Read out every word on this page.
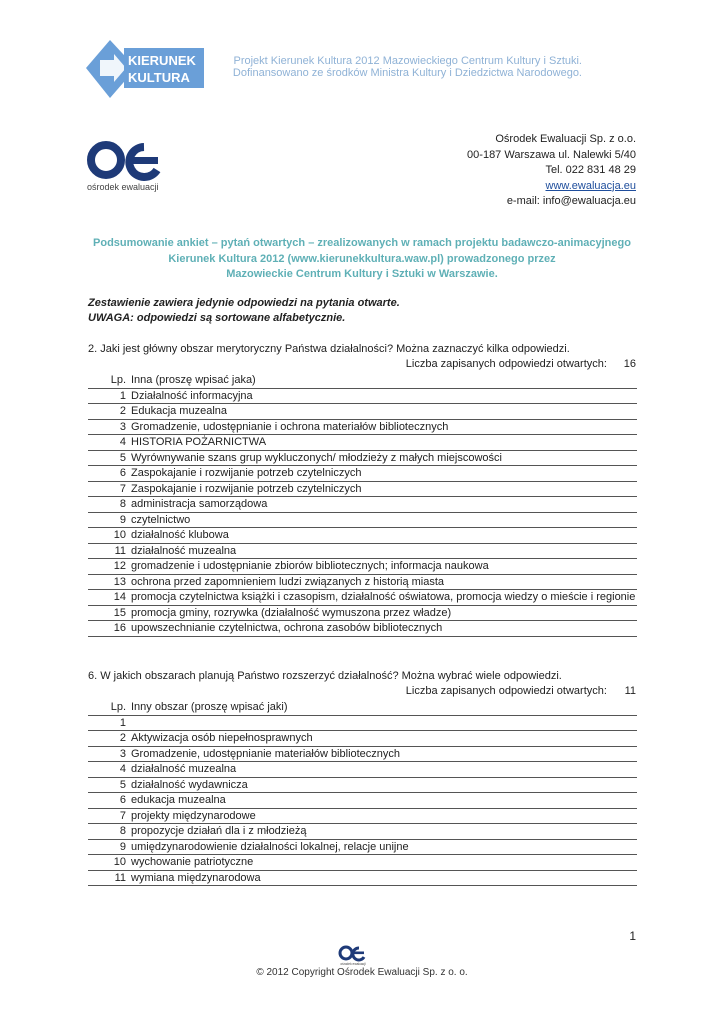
KIERUNEK
KULTURA
Projekt Kierunek Kultura 2012 Mazowieckiego Centrum Kultury i Sztuki.
Dofinansowano ze środków Ministra Kultury i Dziedzictwa Narodowego.
ośrodek ewaluacji
Ośrodek Ewaluacji Sp. z o.o.
00-187 Warszawa ul. Nalewki 5/40
Tel. 022 831 48 29
www.ewaluacja.eu
e-mail: info@ewaluacja.eu
Podsumowanie ankiet – pytań otwartych – zrealizowanych w ramach projektu badawczo-animacyjnego
Kierunek Kultura 2012 (www.kierunekkultura.waw.pl) prowadzonego przez
Mazowieckie Centrum Kultury i Sztuki w Warszawie.
Zestawienie zawiera jedynie odpowiedzi na pytania otwarte.
UWAGA: odpowiedzi są sortowane alfabetycznie.
2. Jaki jest główny obszar merytoryczny Państwa działalności? Można zaznaczyć kilka odpowiedzi.
Liczba zapisanych odpowiedzi otwartych: 16
Lp. Inna (proszę wpisać jaka)
1 Działalność informacyjna
2 Edukacja muzealna
3 Gromadzenie, udostępnianie i ochrona materiałów bibliotecznych
4 HISTORIA POŻARNICTWA
5 Wyrównywanie szans grup wykluczonych/ młodzieży z małych miejscowości
6 Zaspokajanie i rozwijanie potrzeb czytelniczych
7 Zaspokajanie i rozwijanie potrzeb czytelniczych
8 administracja samorządowa
9 czytelnictwo
10 działalność klubowa
11 działalność muzealna
12 gromadzenie i udostępnianie zbiorów bibliotecznych; informacja naukowa
13 ochrona przed zapomnieniem ludzi związanych z historią miasta
14 promocja czytelnictwa książki i czasopism, działalność oświatowa, promocja wiedzy o mieście i regionie
15 promocja gminy, rozrywka (działalność wymuszona przez władze)
16 upowszechnianie czytelnictwa, ochrona zasobów bibliotecznych
6. W jakich obszarach planują Państwo rozszerzyć działalność? Można wybrać wiele odpowiedzi.
Liczba zapisanych odpowiedzi otwartych: 11
Lp. Inny obszar (proszę wpisać jaki)
1
2 Aktywizacja osób niepełnosprawnych
3 Gromadzenie, udostępnianie materiałów bibliotecznych
4 działalność muzealna
5 działalność wydawnicza
6 edukacja muzealna
7 projekty międzynarodowe
8 propozycje działań dla i z młodzieżą
9 umiędzynarodowienie działalności lokalnej, relacje unijne
10 wychowanie patriotyczne
11 wymiana międzynarodowa
1
ośrodek ewaluacji
© 2012 Copyright Ośrodek Ewaluacji Sp. z o. o.
